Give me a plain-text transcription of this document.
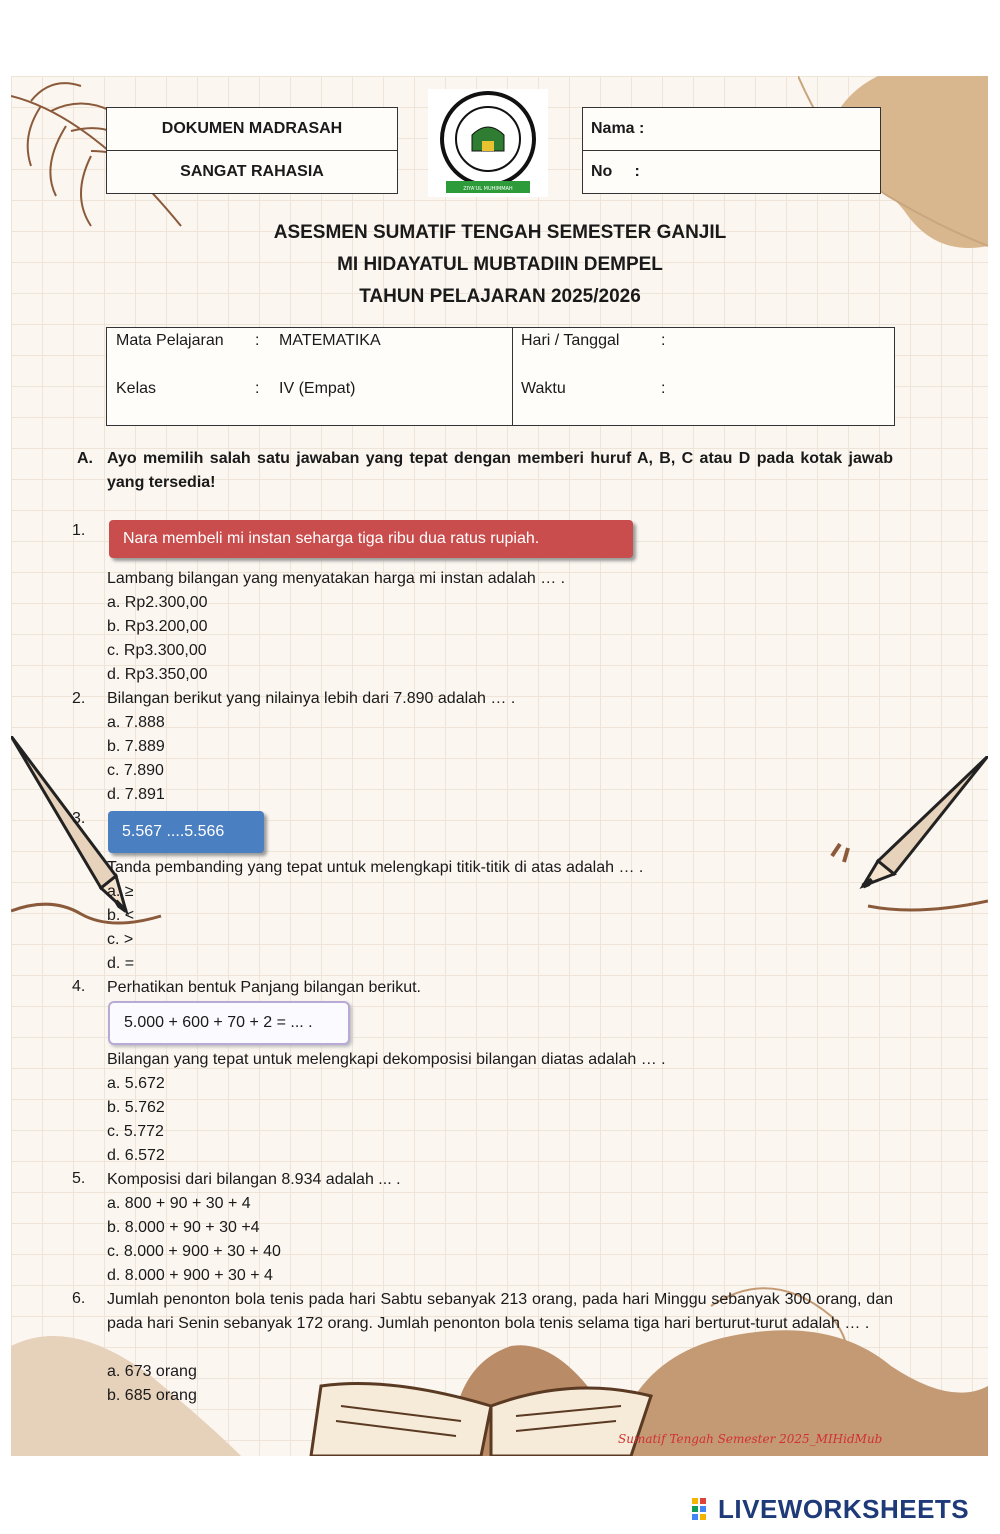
DOKUMEN MADRASAH
SANGAT RAHASIA
ZIYA'UL MUHIMMAH
Nama :
No     :
ASESMEN SUMATIF TENGAH SEMESTER GANJIL
MI HIDAYATUL MUBTADIIN DEMPEL
TAHUN PELAJARAN 2025/2026
Mata Pelajaran : MATEMATIKA
Kelas	: IV (Empat)
Hari / Tanggal	:
Waktu	:
A. Ayo memilih salah satu jawaban yang tepat dengan memberi huruf A, B, C atau D pada kotak jawab yang tersedia!
1.	Nara membeli mi instan seharga tiga ribu dua ratus rupiah.
Lambang bilangan yang menyatakan harga mi instan adalah … .
a. Rp2.300,00
b. Rp3.200,00
c. Rp3.300,00
d. Rp3.350,00
2. Bilangan berikut yang nilainya lebih dari 7.890 adalah … .
a. 7.888
b. 7.889
c. 7.890
d. 7.891
3.
5.567 ....5.566
Tanda pembanding yang tepat untuk melengkapi titik-titik di atas adalah … .
a. ≥
b. <
c. >
d. =
4. Perhatikan bentuk Panjang bilangan berikut.
5.000 + 600 + 70 + 2 = ... .
Bilangan yang tepat untuk melengkapi dekomposisi bilangan diatas adalah … .
a. 5.672
b. 5.762
c. 5.772
d. 6.572
5. Komposisi dari bilangan 8.934 adalah ... .
a. 800 + 90 + 30 + 4
b. 8.000 + 90 + 30 +4
c. 8.000 + 900 + 30 + 40
d. 8.000 + 900 + 30 + 4
6. Jumlah penonton bola tenis pada hari Sabtu sebanyak 213 orang, pada hari Minggu sebanyak 300 orang, dan pada hari Senin sebanyak 172 orang. Jumlah penonton bola tenis selama tiga hari berturut-turut adalah … .
a. 673 orang
b. 685 orang
Sumatif Tengah Semester 2025_MIHidMub
LIVEWORKSHEETS
